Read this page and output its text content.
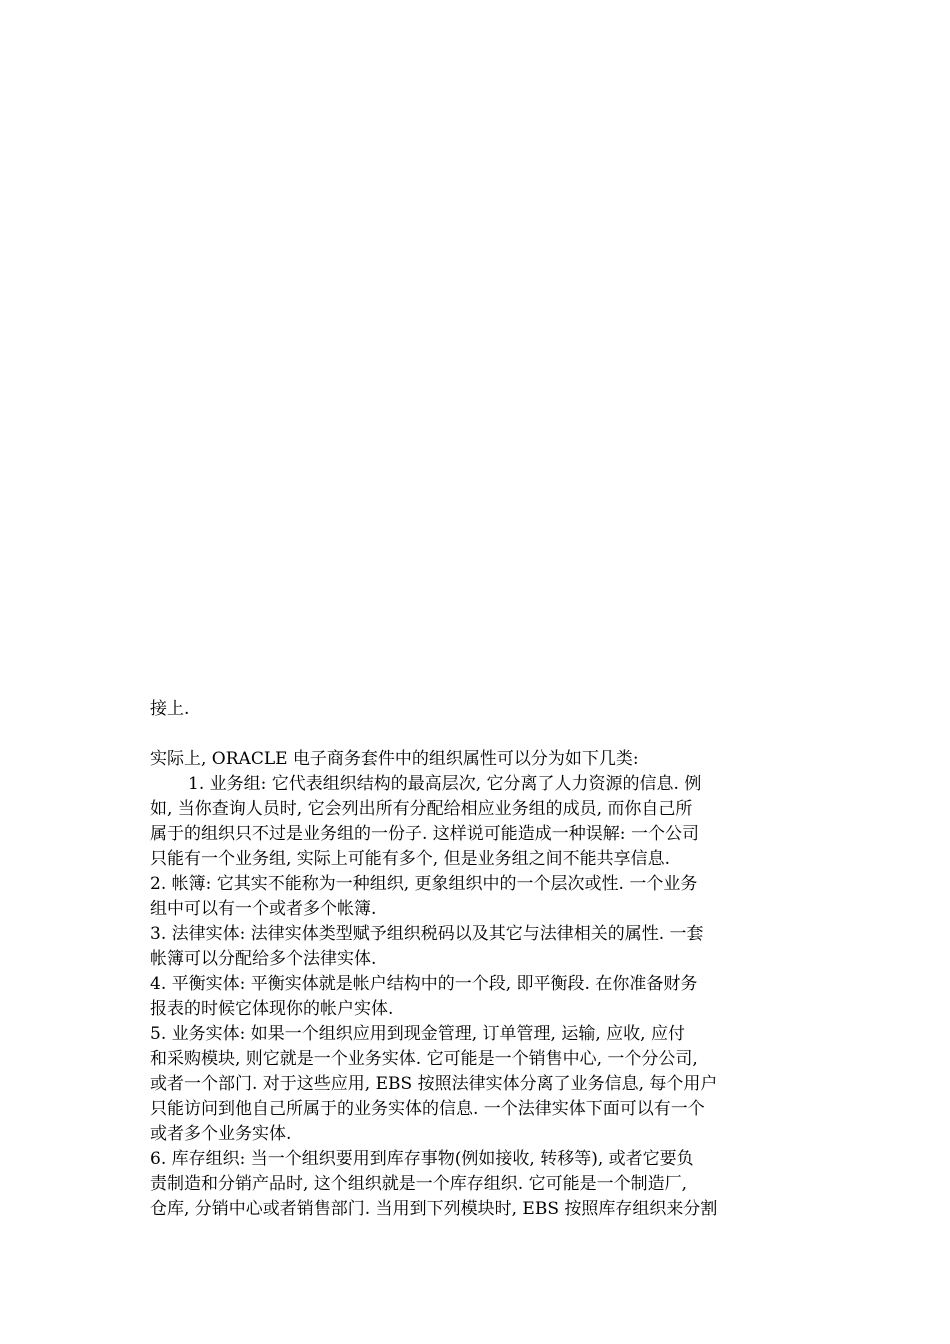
接上.
实际上, ORACLE 电子商务套件中的组织属性可以分为如下几类:
1. 业务组: 它代表组织结构的最高层次, 它分离了人力资源的信息. 例
如, 当你查询人员时, 它会列出所有分配给相应业务组的成员, 而你自己所
属于的组织只不过是业务组的一份子. 这样说可能造成一种误解: 一个公司
只能有一个业务组, 实际上可能有多个, 但是业务组之间不能共享信息.
2. 帐簿: 它其实不能称为一种组织, 更象组织中的一个层次或性. 一个业务
组中可以有一个或者多个帐簿.
3. 法律实体: 法律实体类型赋予组织税码以及其它与法律相关的属性. 一套
帐簿可以分配给多个法律实体.
4. 平衡实体: 平衡实体就是帐户结构中的一个段, 即平衡段. 在你准备财务
报表的时候它体现你的帐户实体.
5. 业务实体: 如果一个组织应用到现金管理, 订单管理, 运输, 应收, 应付
和采购模块, 则它就是一个业务实体. 它可能是一个销售中心, 一个分公司,
或者一个部门. 对于这些应用, EBS 按照法律实体分离了业务信息, 每个用户
只能访问到他自己所属于的业务实体的信息. 一个法律实体下面可以有一个
或者多个业务实体.
6. 库存组织: 当一个组织要用到库存事物(例如接收, 转移等), 或者它要负
责制造和分销产品时, 这个组织就是一个库存组织. 它可能是一个制造厂,
仓库, 分销中心或者销售部门. 当用到下列模块时, EBS 按照库存组织来分割
